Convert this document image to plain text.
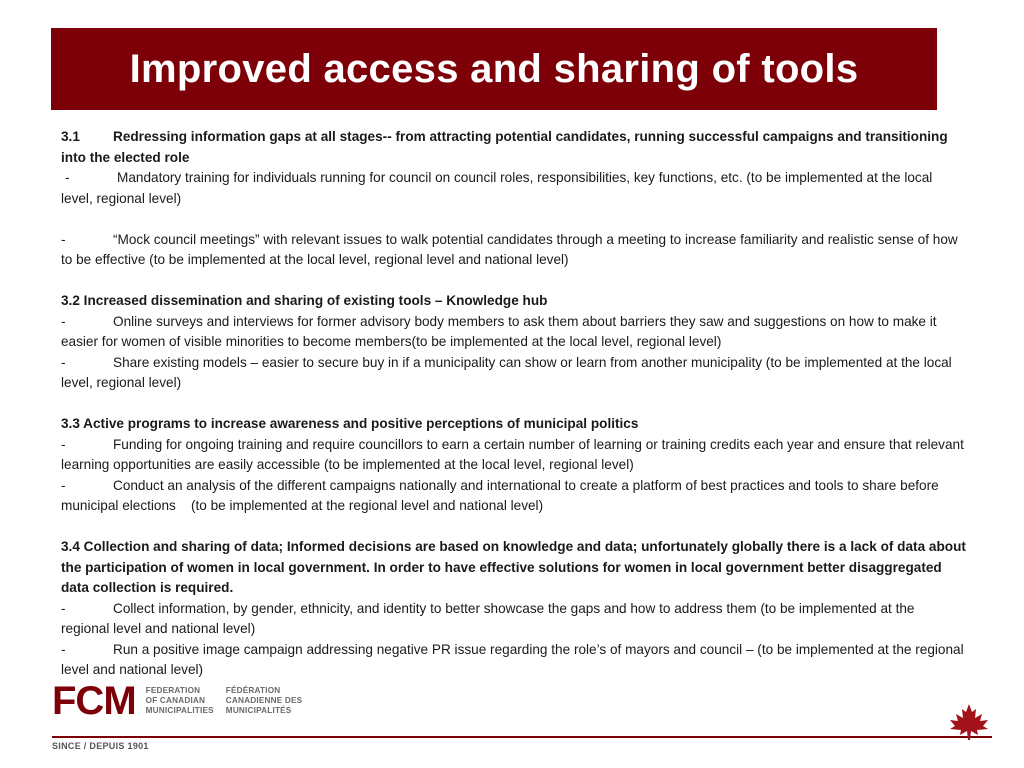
Improved access and sharing of tools
3.1 Redressing information gaps at all stages-- from attracting potential candidates, running successful campaigns and transitioning into the elected role
-	Mandatory training for individuals running for council on council roles, responsibilities, key functions, etc. (to be implemented at the local level, regional level)
-	“Mock council meetings” with relevant issues to walk potential candidates through a meeting to increase familiarity and realistic sense of how to be effective (to be implemented at the local level, regional level and national level)
3.2 Increased dissemination and sharing of existing tools – Knowledge hub
-	Online surveys and interviews for former advisory body members to ask them about barriers they saw and suggestions on how to make it easier for women of visible minorities to become members(to be implemented at the local level, regional level)
-	Share existing models – easier to secure buy in if a municipality can show or learn from another municipality (to be implemented at the local level, regional level)
3.3 Active programs to increase awareness and positive perceptions of municipal politics
-	Funding for ongoing training and require councillors to earn a certain number of learning or training credits each year and ensure that relevant learning opportunities are easily accessible (to be implemented at the local level, regional level)
-	Conduct an analysis of the different campaigns nationally and international to create a platform of best practices and tools to share before municipal elections    (to be implemented at the regional level and national level)
3.4 Collection and sharing of data; Informed decisions are based on knowledge and data; unfortunately globally there is a lack of data about the participation of women in local government. In order to have effective solutions for women in local government better disaggregated data collection is required.
-	Collect information, by gender, ethnicity, and identity to better showcase the gaps and how to address them (to be implemented at the regional level and national level)
-	Run a positive image campaign addressing negative PR issue regarding the role’s of mayors and council – (to be implemented at the regional level and national level)
FCM FEDERATION
OF CANADIAN
MUNICIPALITIES
FÉDÉRATION
CANADIENNE DES
MUNICIPALITÉS
SINCE / DEPUIS 1901
